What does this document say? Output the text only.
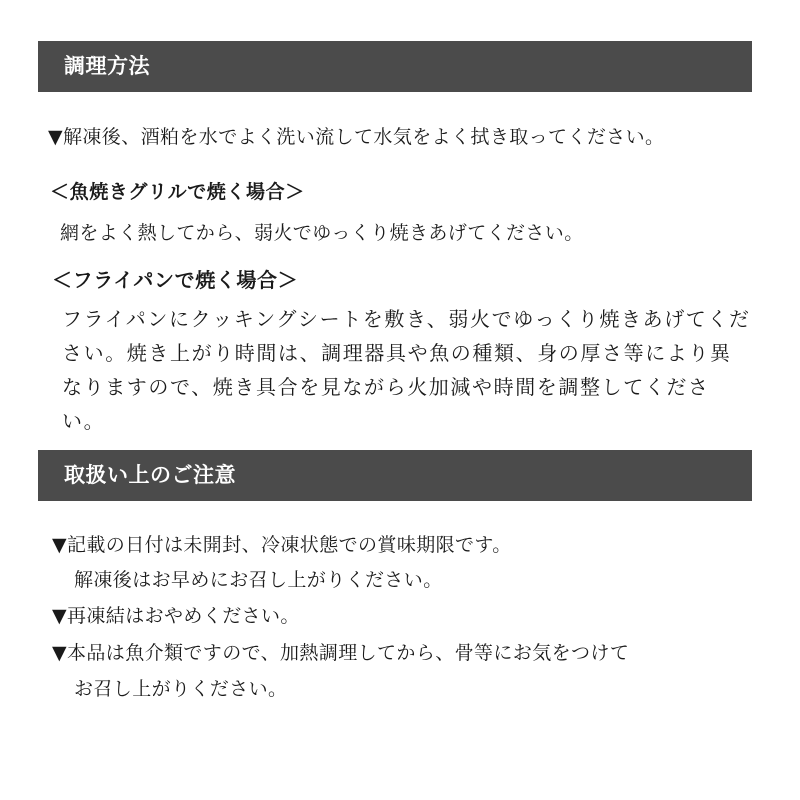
調理方法
▼解凍後、酒粕を水でよく洗い流して水気をよく拭き取ってください。
＜魚焼きグリルで焼く場合＞
網をよく熱してから、弱火でゆっくり焼きあげてください。
＜フライパンで焼く場合＞
フライパンにクッキングシートを敷き、弱火でゆっくり焼きあげてください。焼き上がり時間は、調理器具や魚の種類、身の厚さ等により異なりますので、焼き具合を見ながら火加減や時間を調整してください。
取扱い上のご注意
▼記載の日付は未開封、冷凍状態での賞味期限です。
解凍後はお早めにお召し上がりください。
▼再凍結はおやめください。
▼本品は魚介類ですので、加熱調理してから、骨等にお気をつけて
お召し上がりください。
